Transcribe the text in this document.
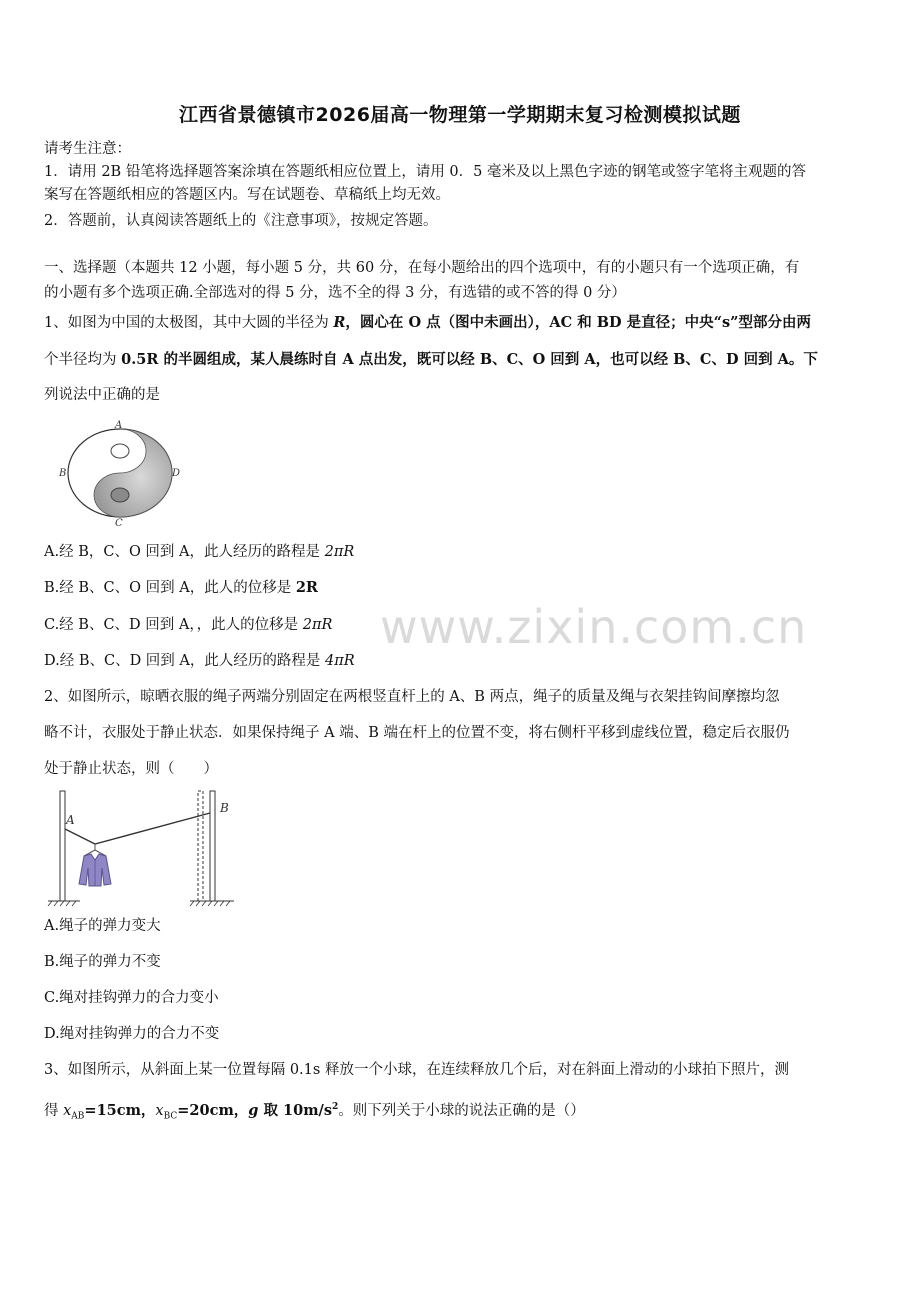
江西省景德镇市2026届高一物理第一学期期末复习检测模拟试题
请考生注意：
1．请用 2B 铅笔将选择题答案涂填在答题纸相应位置上，请用 0．5 毫米及以上黑色字迹的钢笔或签字笔将主观题的答
案写在答题纸相应的答题区内。写在试题卷、草稿纸上均无效。
2．答题前，认真阅读答题纸上的《注意事项》，按规定答题。
一、选择题（本题共 12 小题，每小题 5 分，共 60 分，在每小题给出的四个选项中，有的小题只有一个选项正确，有
的小题有多个选项正确.全部选对的得 5 分，选不全的得 3 分，有选错的或不答的得 0 分）
1、如图为中国的太极图，其中大圆的半径为 R，圆心在 O 点（图中未画出），AC 和 BD 是直径；中央“s”型部分由两
个半径均为 0.5R 的半圆组成，某人晨练时自 A 点出发，既可以经 B、C、O 回到 A，也可以经 B、C、D 回到 A。下
列说法中正确的是
A
B
C
D
A.经 B，C、O 回到 A，此人经历的路程是 2πR
B.经 B、C、O 回到 A，此人的位移是 2R
C.经 B、C、D 回到 A，，此人的位移是 2πR
D.经 B、C、D 回到 A，此人经历的路程是 4πR
www.zixin.com.cn
2、如图所示，晾晒衣服的绳子两端分别固定在两根竖直杆上的 A、B 两点，绳子的质量及绳与衣架挂钩间摩擦均忽
略不计，衣服处于静止状态．如果保持绳子 A 端、B 端在杆上的位置不变，将右侧杆平移到虚线位置，稳定后衣服仍
处于静止状态，则（　　）
A
B
A.绳子的弹力变大
B.绳子的弹力不变
C.绳对挂钩弹力的合力变小
D.绳对挂钩弹力的合力不变
3、如图所示，从斜面上某一位置每隔 0.1s 释放一个小球，在连续释放几个后，对在斜面上滑动的小球拍下照片，测
得 $x_{AB}=15cm$，$x_{BC}=20cm$，g 取 $10m/s^2$。则下列关于小球的说法正确的是（）
